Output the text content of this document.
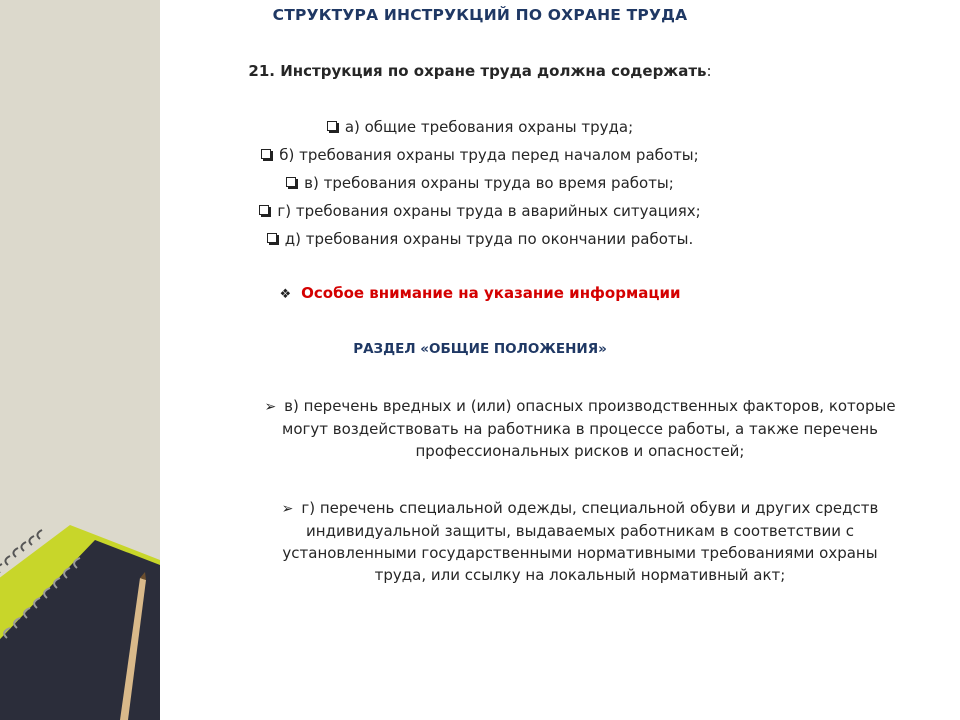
СТРУКТУРА ИНСТРУКЦИЙ ПО ОХРАНЕ ТРУДА
21. Инструкция по охране труда должна содержать:
а) общие требования охраны труда;
б) требования охраны труда перед началом работы;
в) требования охраны труда во время работы;
г) требования охраны труда в аварийных ситуациях;
д) требования охраны труда по окончании работы.
❖ Особое внимание на указание информации
РАЗДЕЛ «ОБЩИЕ ПОЛОЖЕНИЯ»
➢ в) перечень вредных и (или) опасных производственных факторов, которые
могут воздействовать на работника в процессе работы, а также перечень
профессиональных рисков и опасностей;
➢ г) перечень специальной одежды, специальной обуви и других средств
индивидуальной защиты, выдаваемых работникам в соответствии с
установленными государственными нормативными требованиями охраны
труда, или ссылку на локальный нормативный акт;
